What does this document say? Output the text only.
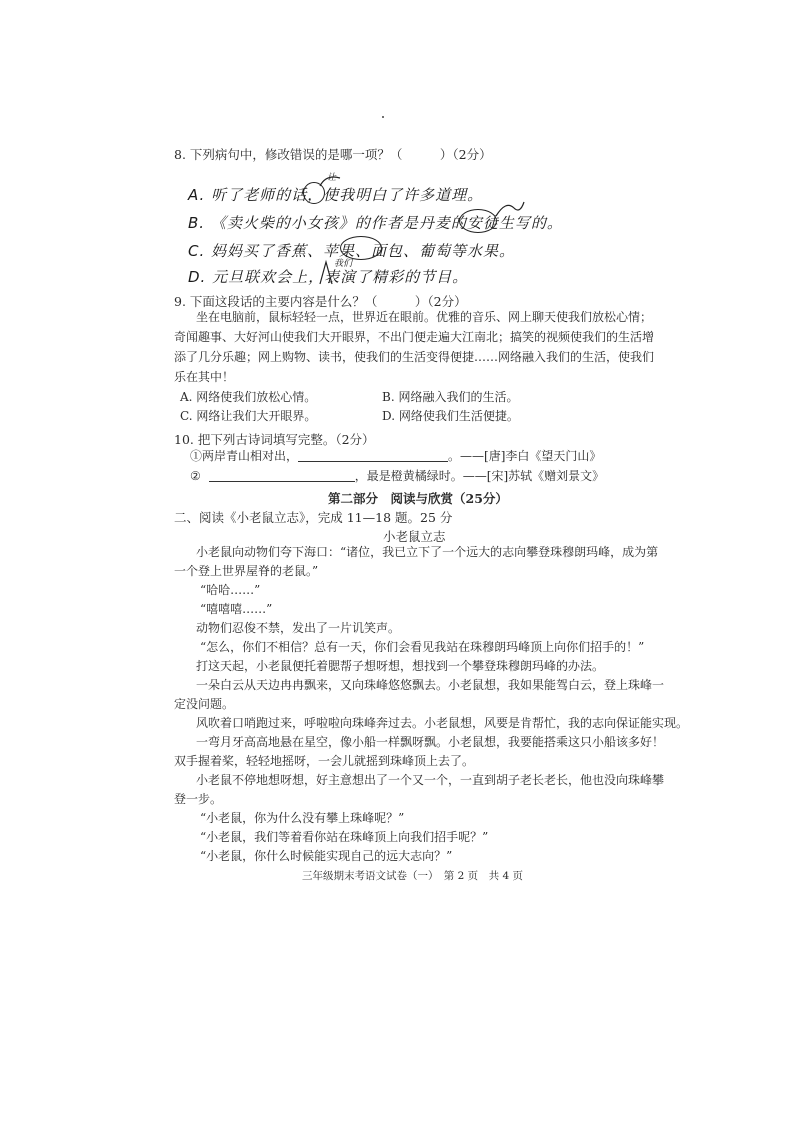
8. 下列病句中，修改错误的是哪一项？（　　　）（2分）
A. 听了老师的话，使我明白了许多道理。
让
B. 《卖火柴的小女孩》的作者是丹麦的安徒生写的。
C. 妈妈买了香蕉、苹果、面包、葡萄等水果。
D. 元旦联欢会上，表演了精彩的节目。
我们
9. 下面这段话的主要内容是什么？（　　　）（2分）
坐在电脑前，鼠标轻轻一点，世界近在眼前。优雅的音乐、网上聊天使我们放松心情；
奇闻趣事、大好河山使我们大开眼界，不出门便走遍大江南北；搞笑的视频使我们的生活增
添了几分乐趣；网上购物、读书，使我们的生活变得便捷……网络融入我们的生活，使我们
乐在其中！
A. 网络使我们放松心情。	B. 网络融入我们的生活。
C. 网络让我们大开眼界。	D. 网络使我们生活便捷。
10. 把下列古诗词填写完整。（2分）
①两岸青山相对出，	。——[唐]李白《望天门山》
②	，最是橙黄橘绿时。——[宋]苏轼《赠刘景文》
第二部分　阅读与欣赏（25分）
二、阅读《小老鼠立志》，完成 11—18 题。25 分
小老鼠立志
小老鼠向动物们夸下海口：“诸位，我已立下了一个远大的志向攀登珠穆朗玛峰，成为第
一个登上世界屋脊的老鼠。”
“哈哈……”
“嘻嘻嘻……”
动物们忍俊不禁，发出了一片讥笑声。
“怎么，你们不相信？总有一天，你们会看见我站在珠穆朗玛峰顶上向你们招手的！”
打这天起，小老鼠便托着腮帮子想呀想，想找到一个攀登珠穆朗玛峰的办法。
一朵白云从天边冉冉飘来，又向珠峰悠悠飘去。小老鼠想，我如果能驾白云，登上珠峰一
定没问题。
风吹着口哨跑过来，呼啦啦向珠峰奔过去。小老鼠想，风要是肯帮忙，我的志向保证能实现。
一弯月牙高高地悬在星空，像小船一样飘呀飘。小老鼠想，我要能搭乘这只小船该多好！
双手握着桨，轻轻地摇呀，一会儿就摇到珠峰顶上去了。
小老鼠不停地想呀想，好主意想出了一个又一个，一直到胡子老长老长，他也没向珠峰攀
登一步。
“小老鼠，你为什么没有攀上珠峰呢？”
“小老鼠，我们等着看你站在珠峰顶上向我们招手呢？”
“小老鼠，你什么时候能实现自己的远大志向？”
三年级期末考语文试卷（一）　第 2 页　共 4 页
